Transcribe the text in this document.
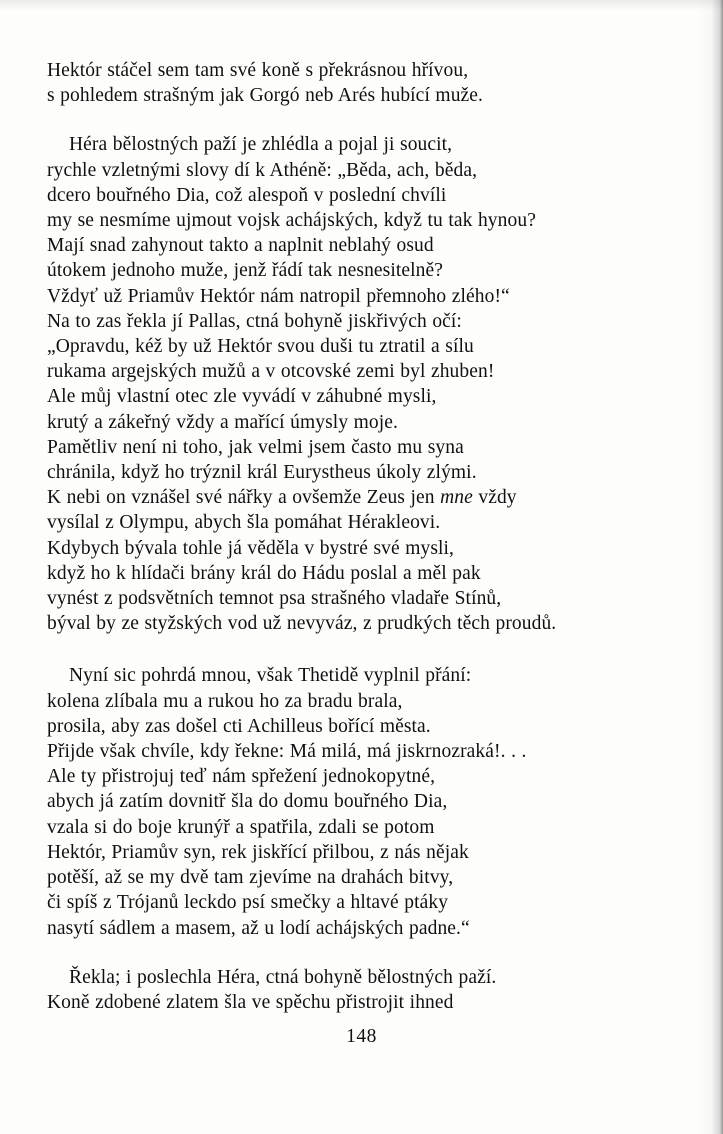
Hektór stáčel sem tam své koně s překrásnou hřívou,
s pohledem strašným jak Gorgó neb Arés hubící muže.
Héra bělostných paží je zhlédla a pojal ji soucit,
rychle vzletnými slovy dí k Athéně: „Běda, ach, běda,
dcero bouřného Dia, což alespoň v poslední chvíli
my se nesmíme ujmout vojsk achájských, když tu tak hynou?
Mají snad zahynout takto a naplnit neblahý osud
útokem jednoho muže, jenž řádí tak nesnesitelně?
Vždyť už Priamův Hektór nám natropil přemnoho zlého!“
Na to zas řekla jí Pallas, ctná bohyně jiskřivých očí:
„Opravdu, kéž by už Hektór svou duši tu ztratil a sílu
rukama argejských mužů a v otcovské zemi byl zhuben!
Ale můj vlastní otec zle vyvádí v záhubné mysli,
krutý a zákeřný vždy a mařící úmysly moje.
Pamětliv není ni toho, jak velmi jsem často mu syna
chránila, když ho trýznil král Eurystheus úkoly zlými.
K nebi on vznášel své nářky a ovšemže Zeus jen mne vždy
vysílal z Olympu, abych šla pomáhat Hérakleovi.
Kdybych bývala tohle já věděla v bystré své mysli,
když ho k hlídači brány král do Hádu poslal a měl pak
vynést z podsvětních temnot psa strašného vladaře Stínů,
býval by ze styžských vod už nevyváz, z prudkých těch proudů.
Nyní sic pohrdá mnou, však Thetidě vyplnil přání:
kolena zlíbala mu a rukou ho za bradu brala,
prosila, aby zas došel cti Achilleus bořící města.
Přijde však chvíle, kdy řekne: Má milá, má jiskrnozraká!. . .
Ale ty přistrojuj teď nám spřežení jednokopytné,
abych já zatím dovnitř šla do domu bouřného Dia,
vzala si do boje krunýř a spatřila, zdali se potom
Hektór, Priamův syn, rek jiskřící přilbou, z nás nějak
potěší, až se my dvě tam zjevíme na drahách bitvy,
či spíš z Trójanů leckdo psí smečky a hltavé ptáky
nasytí sádlem a masem, až u lodí achájských padne.“
Řekla; i poslechla Héra, ctná bohyně bělostných paží.
Koně zdobené zlatem šla ve spěchu přistrojit ihned
148
